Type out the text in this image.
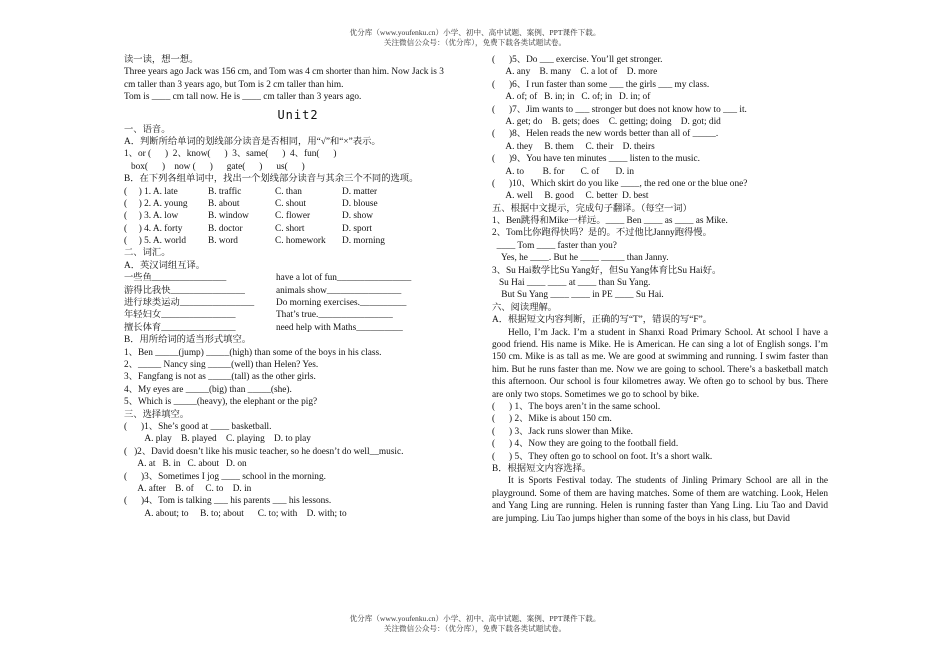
优分库（www.youfenku.cn）小学、初中、高中试题、案例、PPT课件下载。
关注微信公众号：（优分库），免费下载各类试题试卷。
读一读，想一想。
Three years ago Jack was 156 cm, and Tom was 4 cm shorter than him. Now Jack is 3
cm taller than 3 years ago, but Tom is 2 cm taller than him.
Tom is ____ cm tall now. He is ____ cm taller than 3 years ago.
Unit2
一、语音。
A．判断所给单词的划线部分读音是否相同，用“√”和“×”表示。
1、or (      )  2、know(      )  3、same(      )  4、fun(      )
box(      )    now (      )      gate(      )      us(      )
B．在下列各组单词中，找出一个划线部分读音与其余三个不同的选项。
(     ) 1. A. late	B. traffic	C. than	D. matter
(     ) 2. A. young	B. about	C. shout	D. blouse
(     ) 3. A. low	B. window	C. flower	D. show
(     ) 4. A. forty	B. doctor	C. short	D. sport
(     ) 5. A. world	B. word	C. homework	D. morning
二、词汇。
A．英汉词组互译。
一些鱼________________	have a lot of fun________________
游得比我快________________	animals show________________
进行球类运动________________	Do morning exercises.__________
年轻妇女________________	That’s true.________________
擅长体育________________	need help with Maths__________
B．用所给词的适当形式填空。
1、Ben _____(jump) _____(high) than some of the boys in his class.
2、_____ Nancy sing _____(well) than Helen? Yes.
3、Fangfang is not as _____(tall) as the other girls.
4、My eyes are _____(big) than _____(she).
5、Which is _____(heavy), the elephant or the pig?
三、选择填空。
(      )1、She’s good at ____ basketball.
A. play    B. played    C. playing    D. to play
(   )2、David doesn’t like his music teacher, so he doesn’t do well__music.
A. at   B. in   C. about   D. on
(      )3、Sometimes I jog ____ school in the morning.
A. after    B. of     C. to    D. in
(      )4、Tom is talking ___ his parents ___ his lessons.
A. about; to     B. to; about      C. to; with    D. with; to
(      )5、Do ___ exercise. You’ll get stronger.
A. any    B. many    C. a lot of    D. more
(      )6、I run faster than some ___ the girls ___ my class.
A. of; of   B. in; in   C. of; in   D. in; of
(      )7、Jim wants to ___ stronger but does not know how to ___ it.
A. get; do    B. gets; does    C. getting; doing    D. got; did
(      )8、Helen reads the new words better than all of _____.
A. they     B. them     C. their    D. theirs
(      )9、You have ten minutes ____ listen to the music.
A. to        B. for       C. of       D. in
(      )10、Which skirt do you like ____, the red one or the blue one?
A. well     B. good     C. better  D. best
五、根据中文提示，完成句子翻译。（每空一词）
1、Ben跳得和Mike一样远。____ Ben ____ as ____ as Mike.
2、Tom比你跑得快吗？是的。不过他比Janny跑得慢。
____ Tom ____ faster than you?
Yes, he ____. But he ____ _____ than Janny.
3、Su Hai数学比Su Yang好，但Su Yang体育比Su Hai好。
Su Hai ____ ____ at ____ than Su Yang.
But Su Yang ____ ____ in PE ____ Su Hai.
六、阅读理解。
A．根据短文内容判断，正确的写“T”，错误的写“F”。
Hello, I’m Jack. I’m a student in Shanxi Road Primary School. At school I have a good friend. His name is Mike. He is American. He can sing a lot of English songs. I’m 150 cm. Mike is as tall as me. We are good at swimming and running. I swim faster than him. But he runs faster than me. Now we are going to school. There’s a basketball match this afternoon. Our school is four kilometres away. We often go to school by bus. There are only two stops. Sometimes we go to school by bike.
(      ) 1、The boys aren’t in the same school.
(      ) 2、Mike is about 150 cm.
(      ) 3、Jack runs slower than Mike.
(      ) 4、Now they are going to the football field.
(      ) 5、They often go to school on foot. It’s a short walk.
B．根据短文内容选择。
It is Sports Festival today. The students of Jinling Primary School are all in the playground. Some of them are having matches. Some of them are watching. Look, Helen and Yang Ling are running. Helen is running faster than Yang Ling. Liu Tao and David are jumping. Liu Tao jumps higher than some of the boys in his class, but David
优分库（www.youfenku.cn）小学、初中、高中试题、案例、PPT课件下载。
关注微信公众号：（优分库），免费下载各类试题试卷。
